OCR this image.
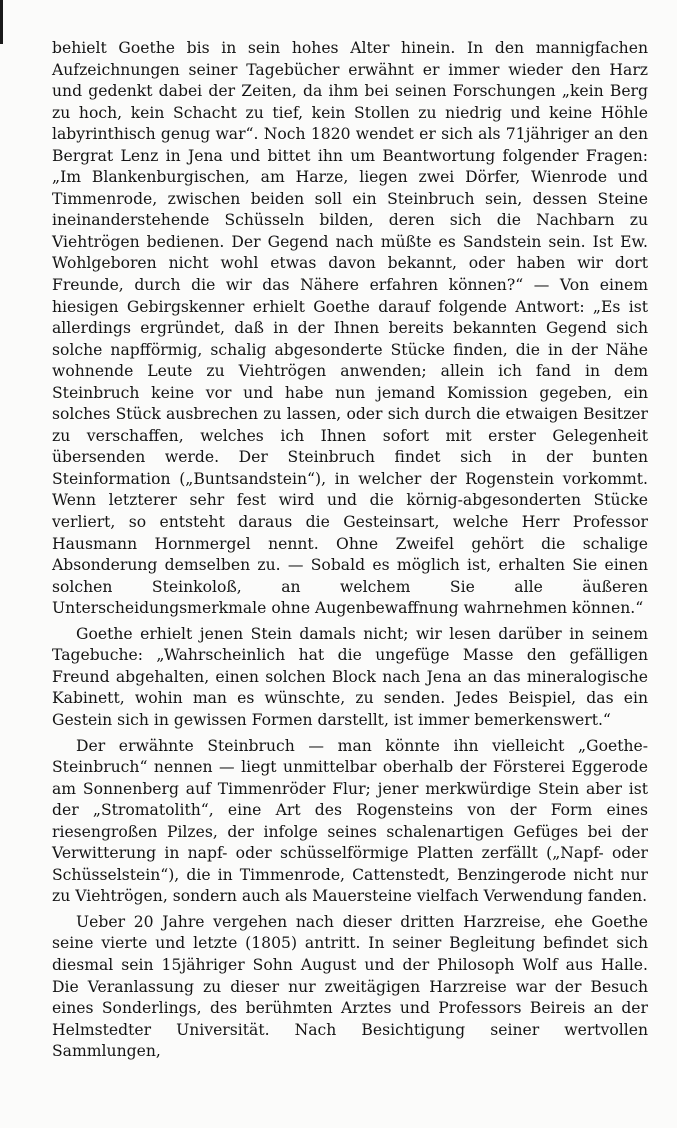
behielt Goethe bis in sein hohes Alter hinein. In den mannigfachen Aufzeichnungen seiner Tagebücher erwähnt er immer wieder den Harz und gedenkt dabei der Zeiten, da ihm bei seinen Forschungen „kein Berg zu hoch, kein Schacht zu tief, kein Stollen zu niedrig und keine Höhle labyrinthisch genug war“. Noch 1820 wendet er sich als 71jähriger an den Bergrat Lenz in Jena und bittet ihn um Beantwortung folgender Fragen: „Im Blankenburgischen, am Harze, liegen zwei Dörfer, Wienrode und Timmenrode, zwischen beiden soll ein Steinbruch sein, dessen Steine ineinanderstehende Schüsseln bilden, deren sich die Nachbarn zu Viehtrögen bedienen. Der Gegend nach müßte es Sandstein sein. Ist Ew. Wohlgeboren nicht wohl etwas davon bekannt, oder haben wir dort Freunde, durch die wir das Nähere erfahren können?“ — Von einem hiesigen Gebirgskenner erhielt Goethe darauf folgende Antwort: „Es ist allerdings ergründet, daß in der Ihnen bereits bekannten Gegend sich solche napfförmig, schalig abgesonderte Stücke finden, die in der Nähe wohnende Leute zu Viehtrögen anwenden; allein ich fand in dem Steinbruch keine vor und habe nun jemand Komission gegeben, ein solches Stück ausbrechen zu lassen, oder sich durch die etwaigen Besitzer zu verschaffen, welches ich Ihnen sofort mit erster Gelegenheit übersenden werde. Der Steinbruch findet sich in der bunten Steinformation („Buntsandstein“), in welcher der Rogenstein vorkommt. Wenn letzterer sehr fest wird und die körnig-abgesonderten Stücke verliert, so entsteht daraus die Gesteinsart, welche Herr Professor Hausmann Hornmergel nennt. Ohne Zweifel gehört die schalige Absonderung demselben zu. — Sobald es möglich ist, erhalten Sie einen solchen Steinkoloß, an welchem Sie alle äußeren Unterscheidungsmerkmale ohne Augenbewaffnung wahrnehmen können.“

Goethe erhielt jenen Stein damals nicht; wir lesen darüber in seinem Tagebuche: „Wahrscheinlich hat die ungefüge Masse den gefälligen Freund abgehalten, einen solchen Block nach Jena an das mineralogische Kabinett, wohin man es wünschte, zu senden. Jedes Beispiel, das ein Gestein sich in gewissen Formen darstellt, ist immer bemerkenswert.“

Der erwähnte Steinbruch — man könnte ihn vielleicht „Goethe-Steinbruch“ nennen — liegt unmittelbar oberhalb der Försterei Eggerode am Sonnenberg auf Timmenröder Flur; jener merkwürdige Stein aber ist der „Stromatolith“, eine Art des Rogensteins von der Form eines riesengroßen Pilzes, der infolge seines schalenartigen Gefüges bei der Verwitterung in napf- oder schüsselförmige Platten zerfällt („Napf- oder Schüsselstein“), die in Timmenrode, Cattenstedt, Benzingerode nicht nur zu Viehtrögen, sondern auch als Mauersteine vielfach Verwendung fanden.

Ueber 20 Jahre vergehen nach dieser dritten Harzreise, ehe Goethe seine vierte und letzte (1805) antritt. In seiner Begleitung befindet sich diesmal sein 15jähriger Sohn August und der Philosoph Wolf aus Halle. Die Veranlassung zu dieser nur zweitägigen Harzreise war der Besuch eines Sonderlings, des berühmten Arztes und Professors Beireis an der Helmstedter Universität. Nach Besichtigung seiner wertvollen Sammlungen,
